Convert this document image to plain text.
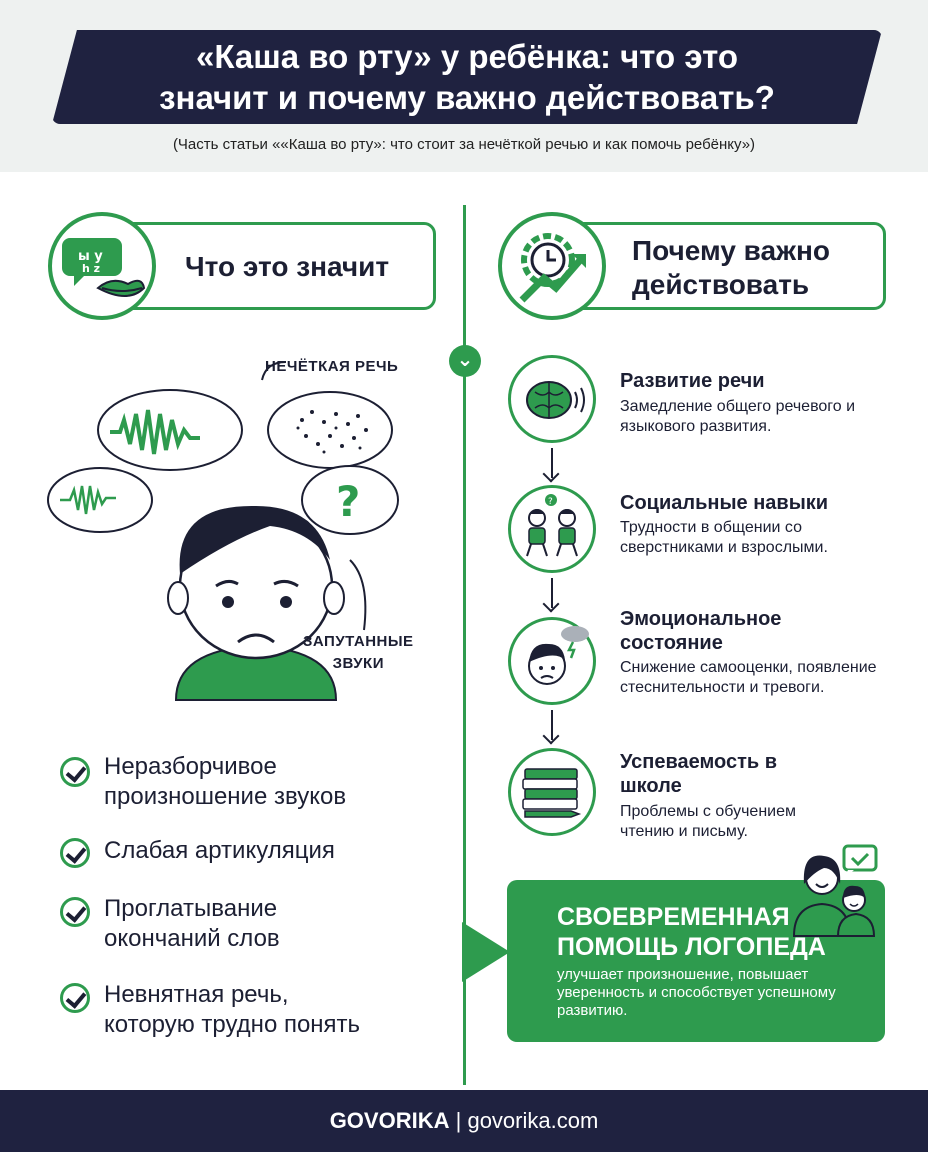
«Каша во рту» у ребёнка: что это
значит и почему важно действовать?
(Часть статьи ««Каша во рту»: что стоит за нечёткой речью и как помочь ребёнку»)
⌄
ы у
h z	Что это значит
Почему важно
действовать
?
НЕЧЁТКАЯ РЕЧЬ
ЗАПУТАННЫЕ
ЗВУКИ
Неразборчивое
произношение звуков
Слабая артикуляция
Проглатывание
окончаний слов
Невнятная речь,
которую трудно понять
Развитие речи
Замедление общего речевого и языкового развития.
?	Социальные навыки
Трудности в общении со сверстниками и взрослыми.
Эмоциональное состояние
Снижение самооценки, появление стеснительности и тревоги.
Успеваемость в школе
Проблемы с обучением чтению и письму.
СВОЕВРЕМЕННАЯ ПОМОЩЬ ЛОГОПЕДА
улучшает произношение, повышает уверенность и способствует успешному развитию.
GOVORIKA | govorika.com
